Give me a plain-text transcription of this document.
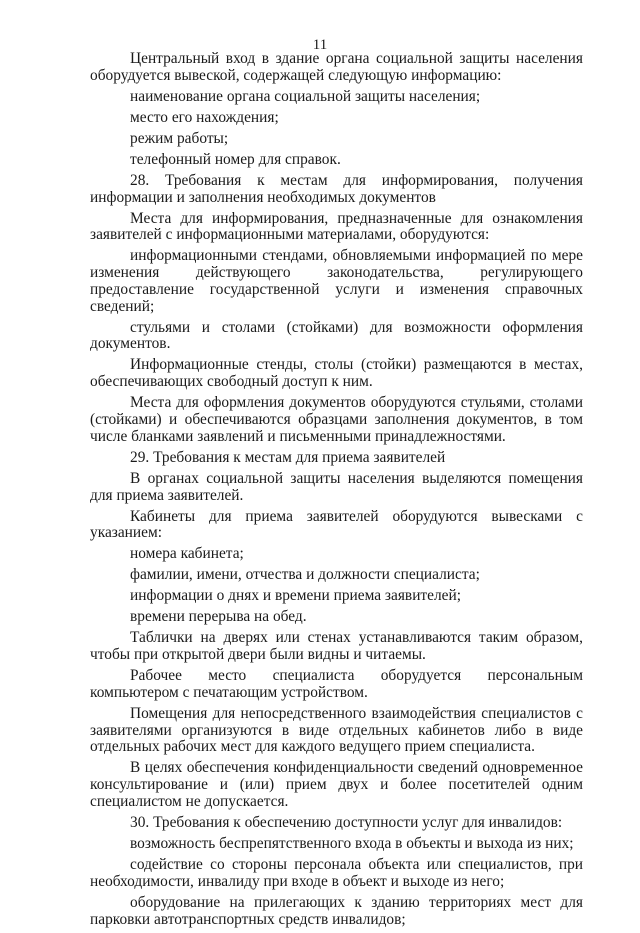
11

Центральный вход в здание органа социальной защиты населения оборудуется вывеской, содержащей следующую информацию:

наименование органа социальной защиты населения;

место его нахождения;

режим работы;

телефонный номер для справок.

28. Требования к местам для информирования, получения информации и заполнения необходимых документов

Места для информирования, предназначенные для ознакомления заявителей с информационными материалами, оборудуются:

информационными стендами, обновляемыми информацией по мере изменения действующего законодательства, регулирующего предоставление государственной услуги и изменения справочных сведений;

стульями и столами (стойками) для возможности оформления документов.

Информационные стенды, столы (стойки) размещаются в местах, обеспечивающих свободный доступ к ним.

Места для оформления документов оборудуются стульями, столами (стойками) и обеспечиваются образцами заполнения документов, в том числе бланками заявлений и письменными принадлежностями.

29. Требования к местам для приема заявителей

В органах социальной защиты населения выделяются помещения для приема заявителей.

Кабинеты для приема заявителей оборудуются вывесками с указанием:

номера кабинета;

фамилии, имени, отчества и должности специалиста;

информации о днях и времени приема заявителей;

времени перерыва на обед.

Таблички на дверях или стенах устанавливаются таким образом, чтобы при открытой двери были видны и читаемы.

Рабочее место специалиста оборудуется персональным компьютером с печатающим устройством.

Помещения для непосредственного взаимодействия специалистов с заявителями организуются в виде отдельных кабинетов либо в виде отдельных рабочих мест для каждого ведущего прием специалиста.

В целях обеспечения конфиденциальности сведений одновременное консультирование и (или) прием двух и более посетителей одним специалистом не допускается.

30. Требования к обеспечению доступности услуг для инвалидов:

возможность беспрепятственного входа в объекты и выхода из них;

содействие со стороны персонала объекта или специалистов, при необходимости, инвалиду при входе в объект и выходе из него;

оборудование на прилегающих к зданию территориях мест для парковки автотранспортных средств инвалидов;
